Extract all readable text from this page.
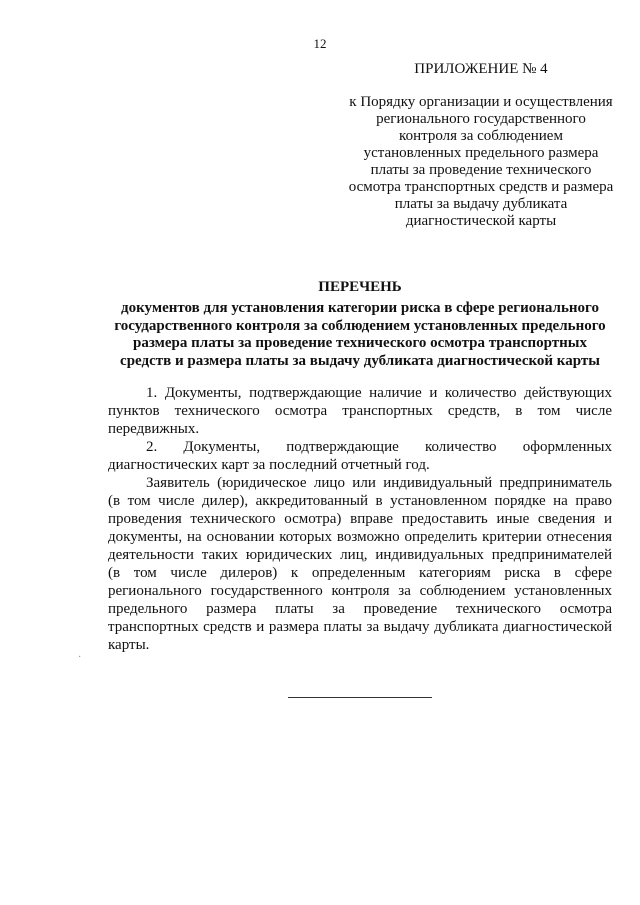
12
ПРИЛОЖЕНИЕ № 4
к Порядку организации и осуществления
регионального государственного
контроля за соблюдением
установленных предельного размера
платы за проведение технического
осмотра транспортных средств и размера
платы за выдачу дубликата
диагностической карты
ПЕРЕЧЕНЬ
документов для установления категории риска в сфере регионального
государственного контроля за соблюдением установленных предельного
размера платы за проведение технического осмотра транспортных
средств и размера платы за выдачу дубликата диагностической карты

1. Документы, подтверждающие наличие и количество действующих пунктов технического осмотра транспортных средств, в том числе передвижных.

2. Документы, подтверждающие количество оформленных диагностических карт за последний отчетный год.

Заявитель (юридическое лицо или индивидуальный предприниматель
(в том числе дилер), аккредитованный в установленном порядке на право
проведения технического осмотра) вправе предоставить иные сведения и
документы, на основании которых возможно определить критерии отнесения
деятельности таких юридических лиц, индивидуальных предпринимателей
(в том числе дилеров) к определенным категориям риска в сфере
регионального государственного контроля за соблюдением установленных
предельного размера платы за проведение технического осмотра
транспортных средств и размера платы за выдачу дубликата диагностической
карты.
·
